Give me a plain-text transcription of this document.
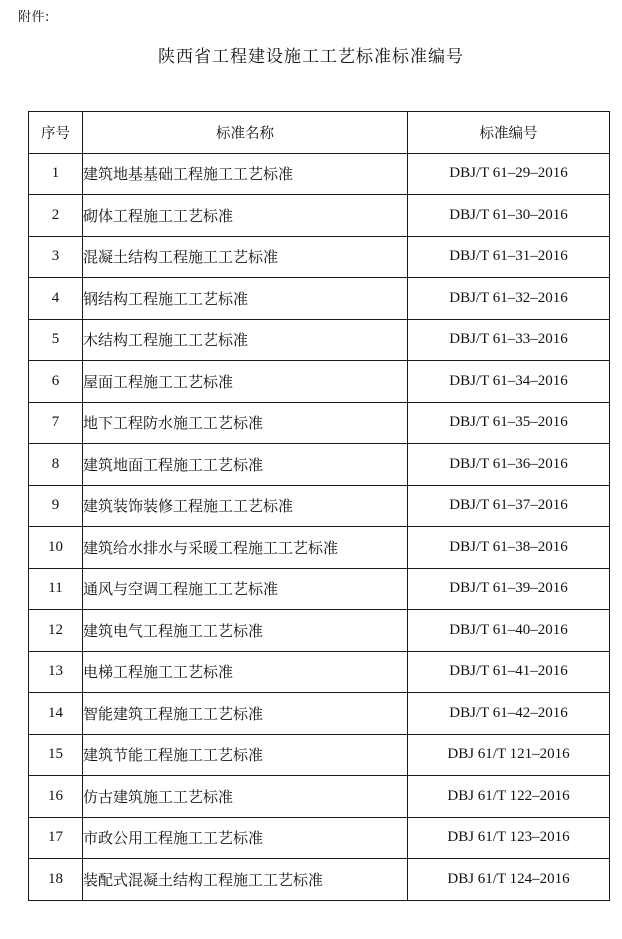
附件:
陕西省工程建设施工工艺标准标准编号
序号	标准名称	标准编号
1	建筑地基基础工程施工工艺标准	DBJ/T 61–29–2016
2	砌体工程施工工艺标准	DBJ/T 61–30–2016
3	混凝土结构工程施工工艺标准	DBJ/T 61–31–2016
4	钢结构工程施工工艺标准	DBJ/T 61–32–2016
5	木结构工程施工工艺标准	DBJ/T 61–33–2016
6	屋面工程施工工艺标准	DBJ/T 61–34–2016
7	地下工程防水施工工艺标准	DBJ/T 61–35–2016
8	建筑地面工程施工工艺标准	DBJ/T 61–36–2016
9	建筑装饰装修工程施工工艺标准	DBJ/T 61–37–2016
10	建筑给水排水与采暖工程施工工艺标准	DBJ/T 61–38–2016
11	通风与空调工程施工工艺标准	DBJ/T 61–39–2016
12	建筑电气工程施工工艺标准	DBJ/T 61–40–2016
13	电梯工程施工工艺标准	DBJ/T 61–41–2016
14	智能建筑工程施工工艺标准	DBJ/T 61–42–2016
15	建筑节能工程施工工艺标准	DBJ 61/T 121–2016
16	仿古建筑施工工艺标准	DBJ 61/T 122–2016
17	市政公用工程施工工艺标准	DBJ 61/T 123–2016
18	装配式混凝土结构工程施工工艺标准	DBJ 61/T 124–2016
